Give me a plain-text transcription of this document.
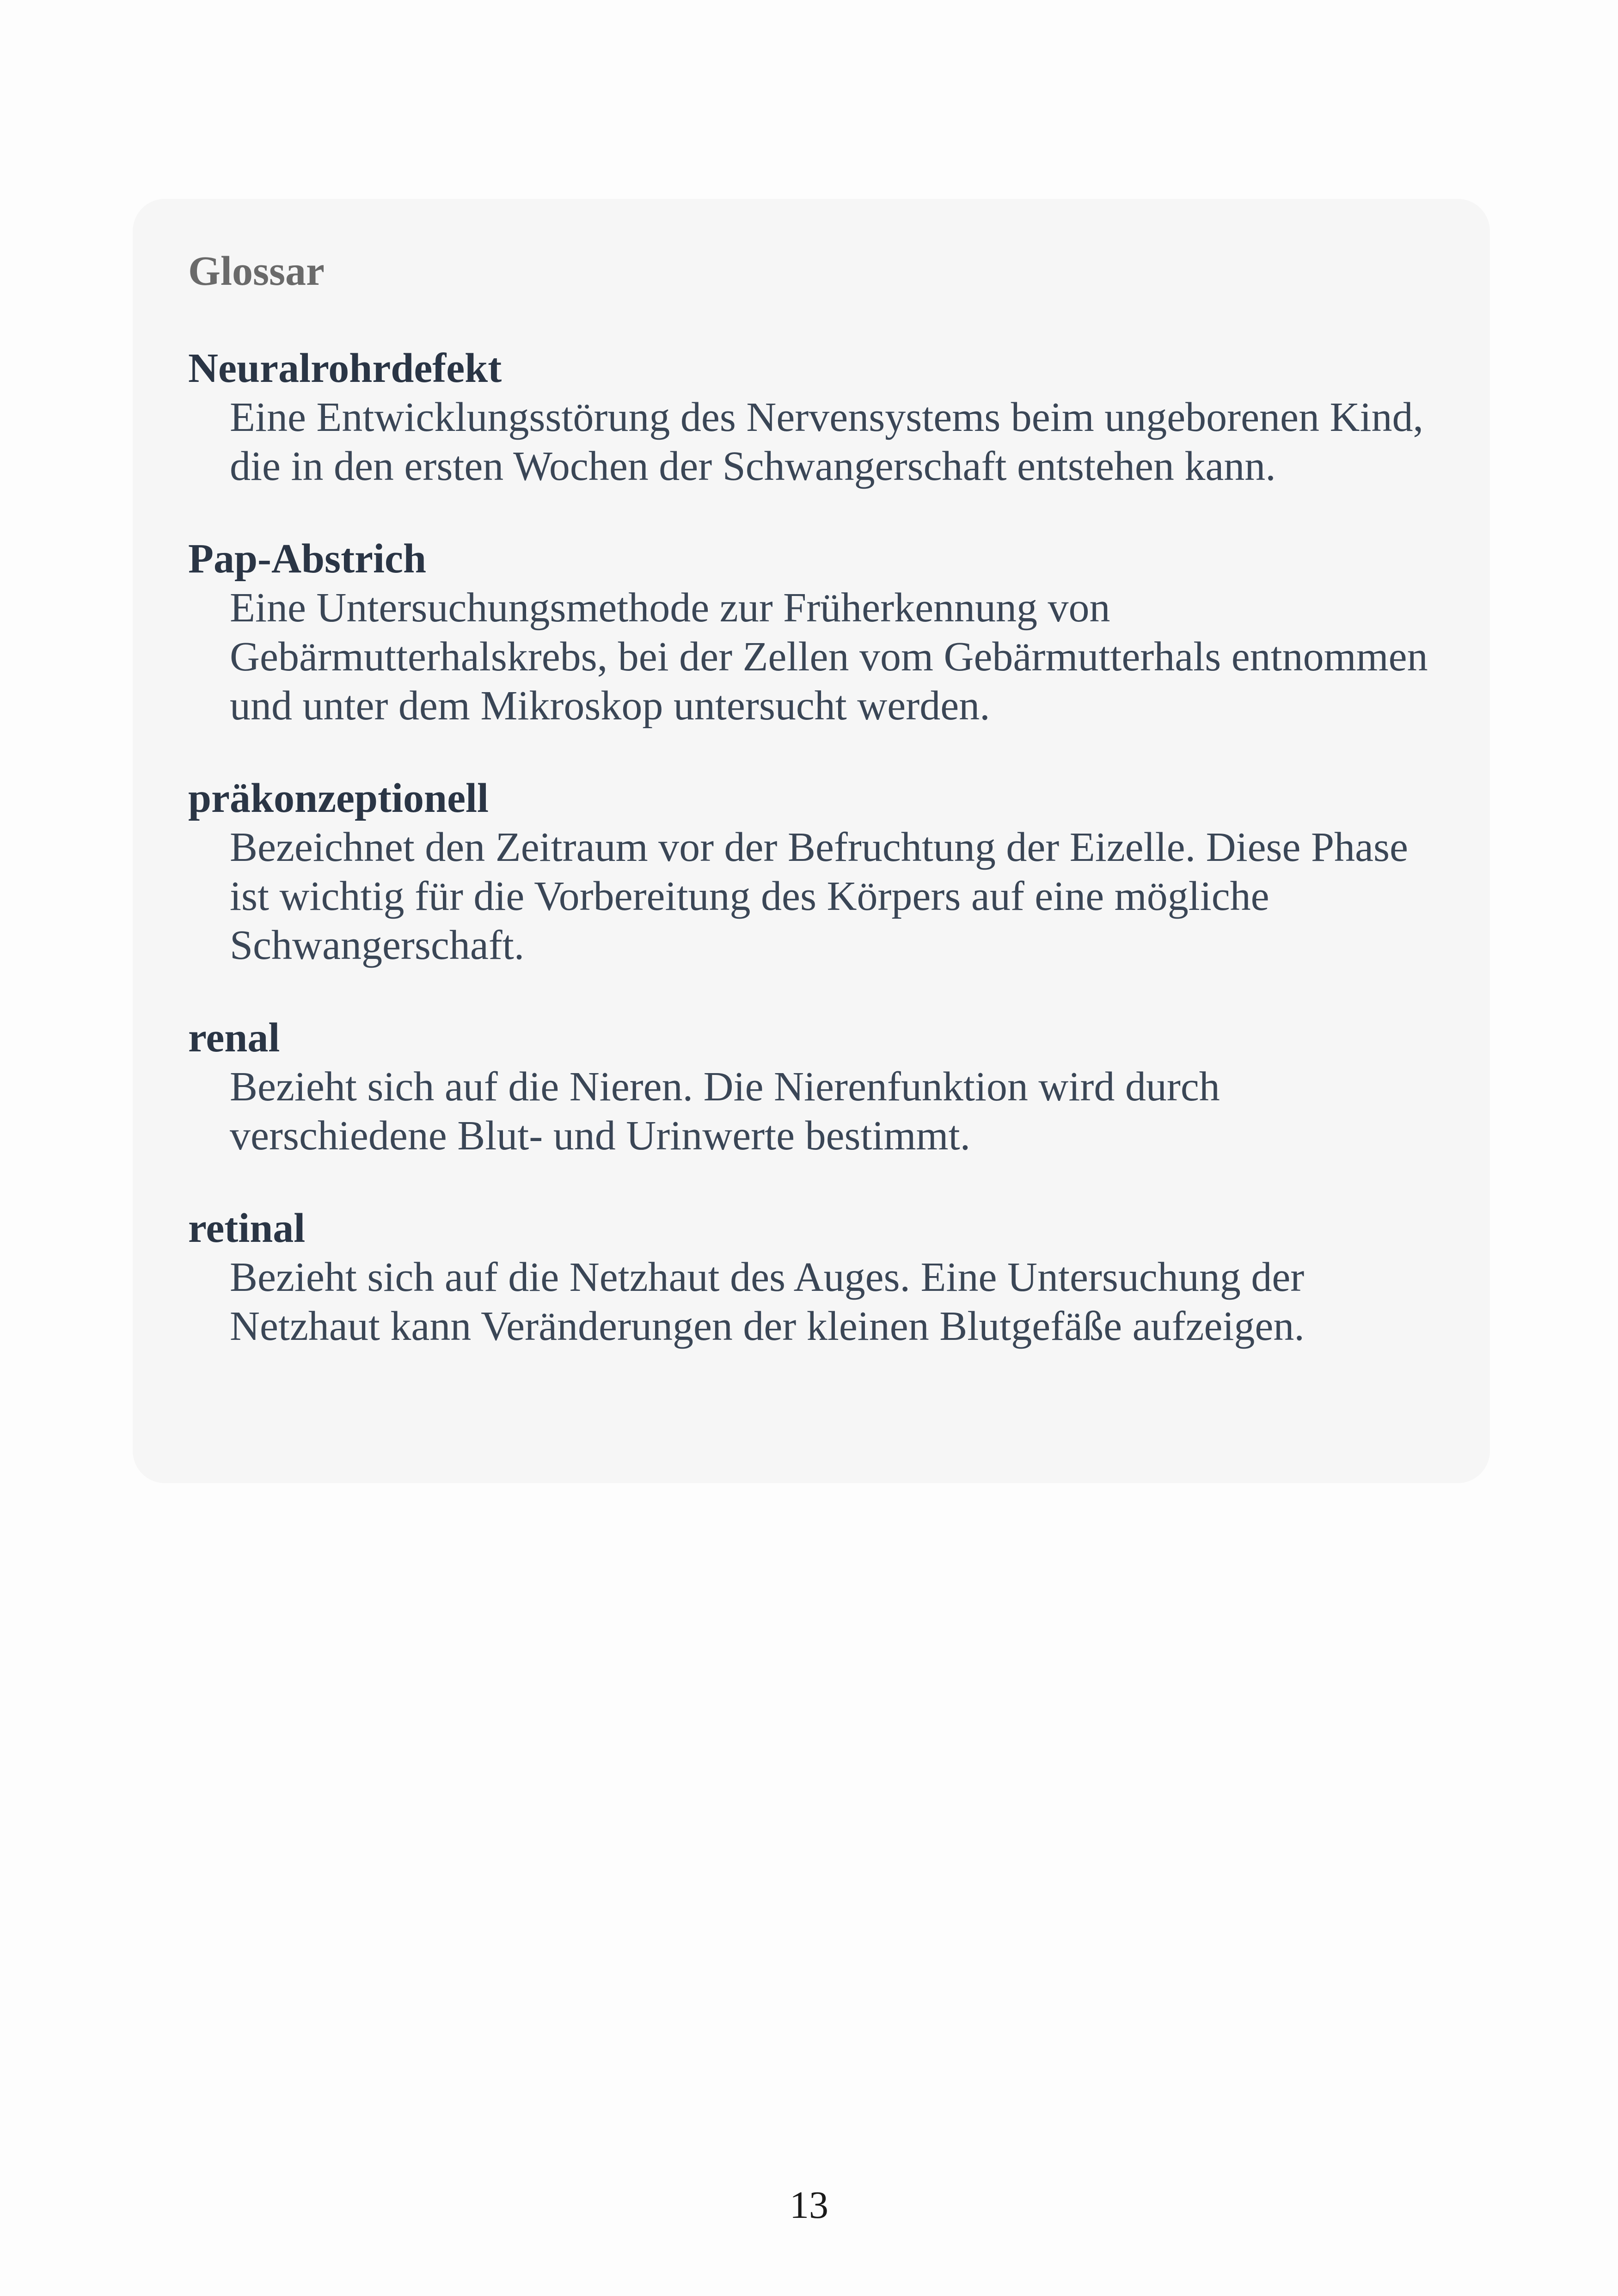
Glossar
Neuralrohrdefekt
Eine Entwicklungsstörung des Nervensystems beim ungeborenen Kind, die in den ersten Wochen der Schwangerschaft entstehen kann.
Pap-Abstrich
Eine Untersuchungsmethode zur Früherkennung von Gebärmutterhalskrebs, bei der Zellen vom Gebärmutterhals entnommen und unter dem Mikroskop untersucht werden.
präkonzeptionell
Bezeichnet den Zeitraum vor der Befruchtung der Eizelle. Diese Phase ist wichtig für die Vorbereitung des Körpers auf eine mögliche Schwangerschaft.
renal
Bezieht sich auf die Nieren. Die Nierenfunktion wird durch verschiedene Blut- und Urinwerte bestimmt.
retinal
Bezieht sich auf die Netzhaut des Auges. Eine Untersuchung der Netzhaut kann Veränderungen der kleinen Blutgefäße aufzeigen.
13
